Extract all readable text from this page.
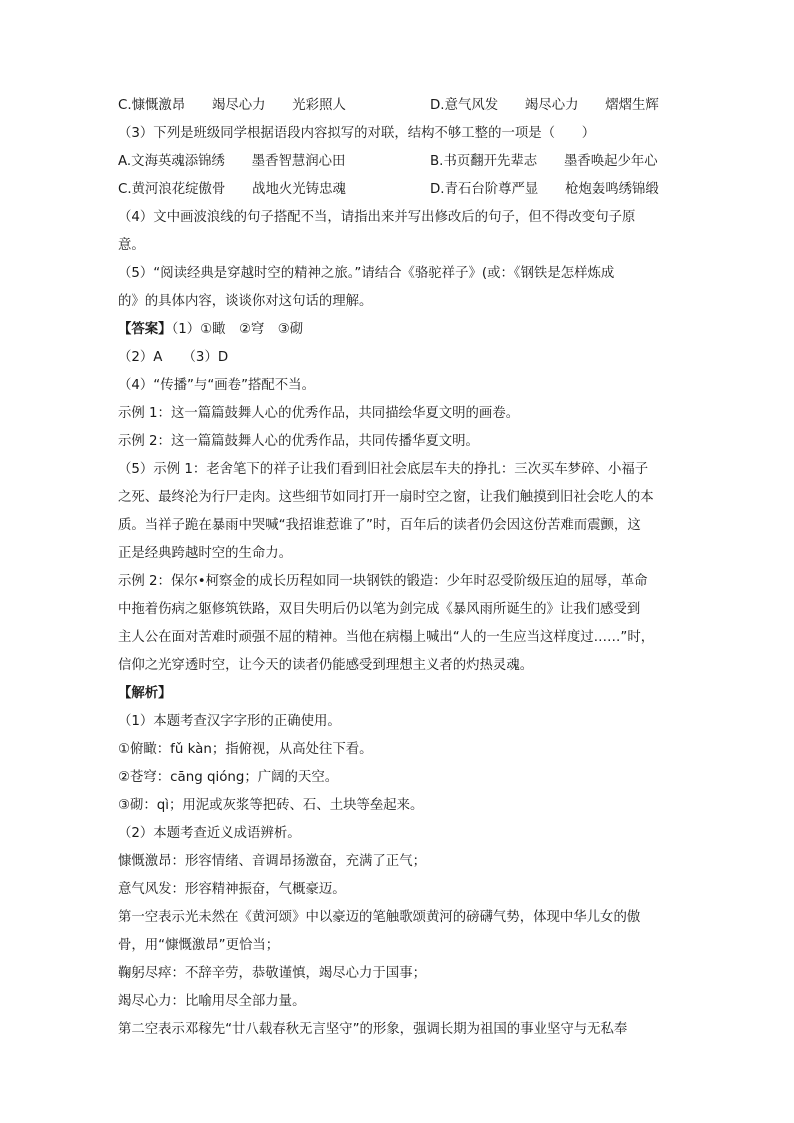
C.慷慨激昂　　竭尽心力　　光彩照人	D.意气风发　　竭尽心力　　熠熠生辉
（3）下列是班级同学根据语段内容拟写的对联，结构不够工整的一项是（　　）
A.文海英魂添锦绣　　墨香智慧润心田	B.书页翻开先辈志　　墨香唤起少年心
C.黄河浪花绽傲骨　　战地火光铸忠魂	D.青石台阶尊严显　　枪炮轰鸣绣锦缎
（4）文中画波浪线的句子搭配不当，请指出来并写出修改后的句子，但不得改变句子原
意。
（5）“阅读经典是穿越时空的精神之旅。”请结合《骆驼祥子》(或：《钢铁是怎样炼成
的》的具体内容，谈谈你对这句话的理解。
【答案】（1）①瞰　②穹　③砌
（2）A　　（3）D
（4）“传播”与“画卷”搭配不当。
示例 1：这一篇篇鼓舞人心的优秀作品，共同描绘华夏文明的画卷。
示例 2：这一篇篇鼓舞人心的优秀作品，共同传播华夏文明。
（5）示例 1：老舍笔下的祥子让我们看到旧社会底层车夫的挣扎：三次买车梦碎、小福子
之死、最终沦为行尸走肉。这些细节如同打开一扇时空之窗，让我们触摸到旧社会吃人的本
质。当祥子跪在暴雨中哭喊“我招谁惹谁了”时，百年后的读者仍会因这份苦难而震颤，这
正是经典跨越时空的生命力。
示例 2：保尔•柯察金的成长历程如同一块钢铁的锻造：少年时忍受阶级压迫的屈辱，革命
中拖着伤病之躯修筑铁路，双目失明后仍以笔为剑完成《暴风雨所诞生的》让我们感受到
主人公在面对苦难时顽强不屈的精神。当他在病榻上喊出“人的一生应当这样度过……”时，
信仰之光穿透时空，让今天的读者仍能感受到理想主义者的灼热灵魂。
【解析】
（1）本题考查汉字字形的正确使用。
①俯瞰：fǔ kàn；指俯视，从高处往下看。
②苍穹：cāng qióng；广阔的天空。
③砌：qì；用泥或灰浆等把砖、石、土块等垒起来。
（2）本题考查近义成语辨析。
慷慨激昂：形容情绪、音调昂扬激奋，充满了正气；
意气风发：形容精神振奋，气概豪迈。
第一空表示光未然在《黄河颂》中以豪迈的笔触歌颂黄河的磅礴气势，体现中华儿女的傲
骨，用“慷慨激昂”更恰当；
鞠躬尽瘁：不辞辛劳，恭敬谨慎，竭尽心力于国事；
竭尽心力：比喻用尽全部力量。
第二空表示邓稼先“廿八载春秋无言坚守”的形象，强调长期为祖国的事业坚守与无私奉
